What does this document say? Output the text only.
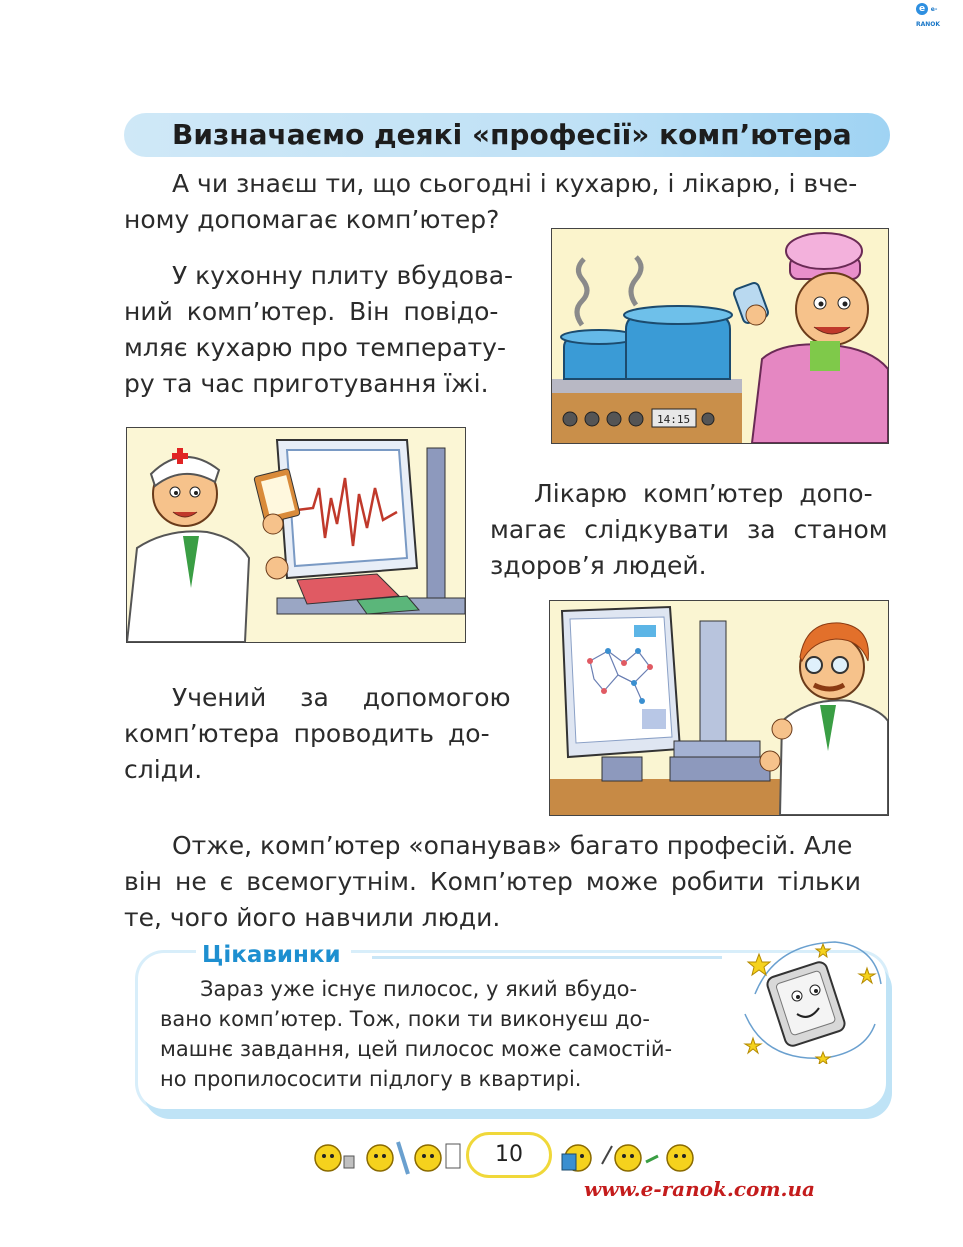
e e-RANOK
Визначаємо деякі «професії» комп’ютера
А чи знаєш ти, що сьогодні і кухарю, і лікарю, і вче-
ному допомагає комп’ютер?
У кухонну плиту вбудова-
ний комп’ютер. Він повідо-
мляє кухарю про температу-
ру та час приготування їжі.
14:15
Лікарю комп’ютер допо-
магає слідкувати за станом
здоров’я людей.
Учений за допомогою
комп’ютера проводить до-
сліди.
Отже, комп’ютер «опанував» багато професій. Але
він не є всемогутнім. Комп’ютер може робити тільки
те, чого його навчили люди.
Цікавинки
Зараз уже існує пилосос, у який вбудо-
вано комп’ютер. Тож, поки ти виконуєш до-
машнє завдання, цей пилосос може самостій-
но пропилососити підлогу в квартирі.
10
www.e-ranok.com.ua
